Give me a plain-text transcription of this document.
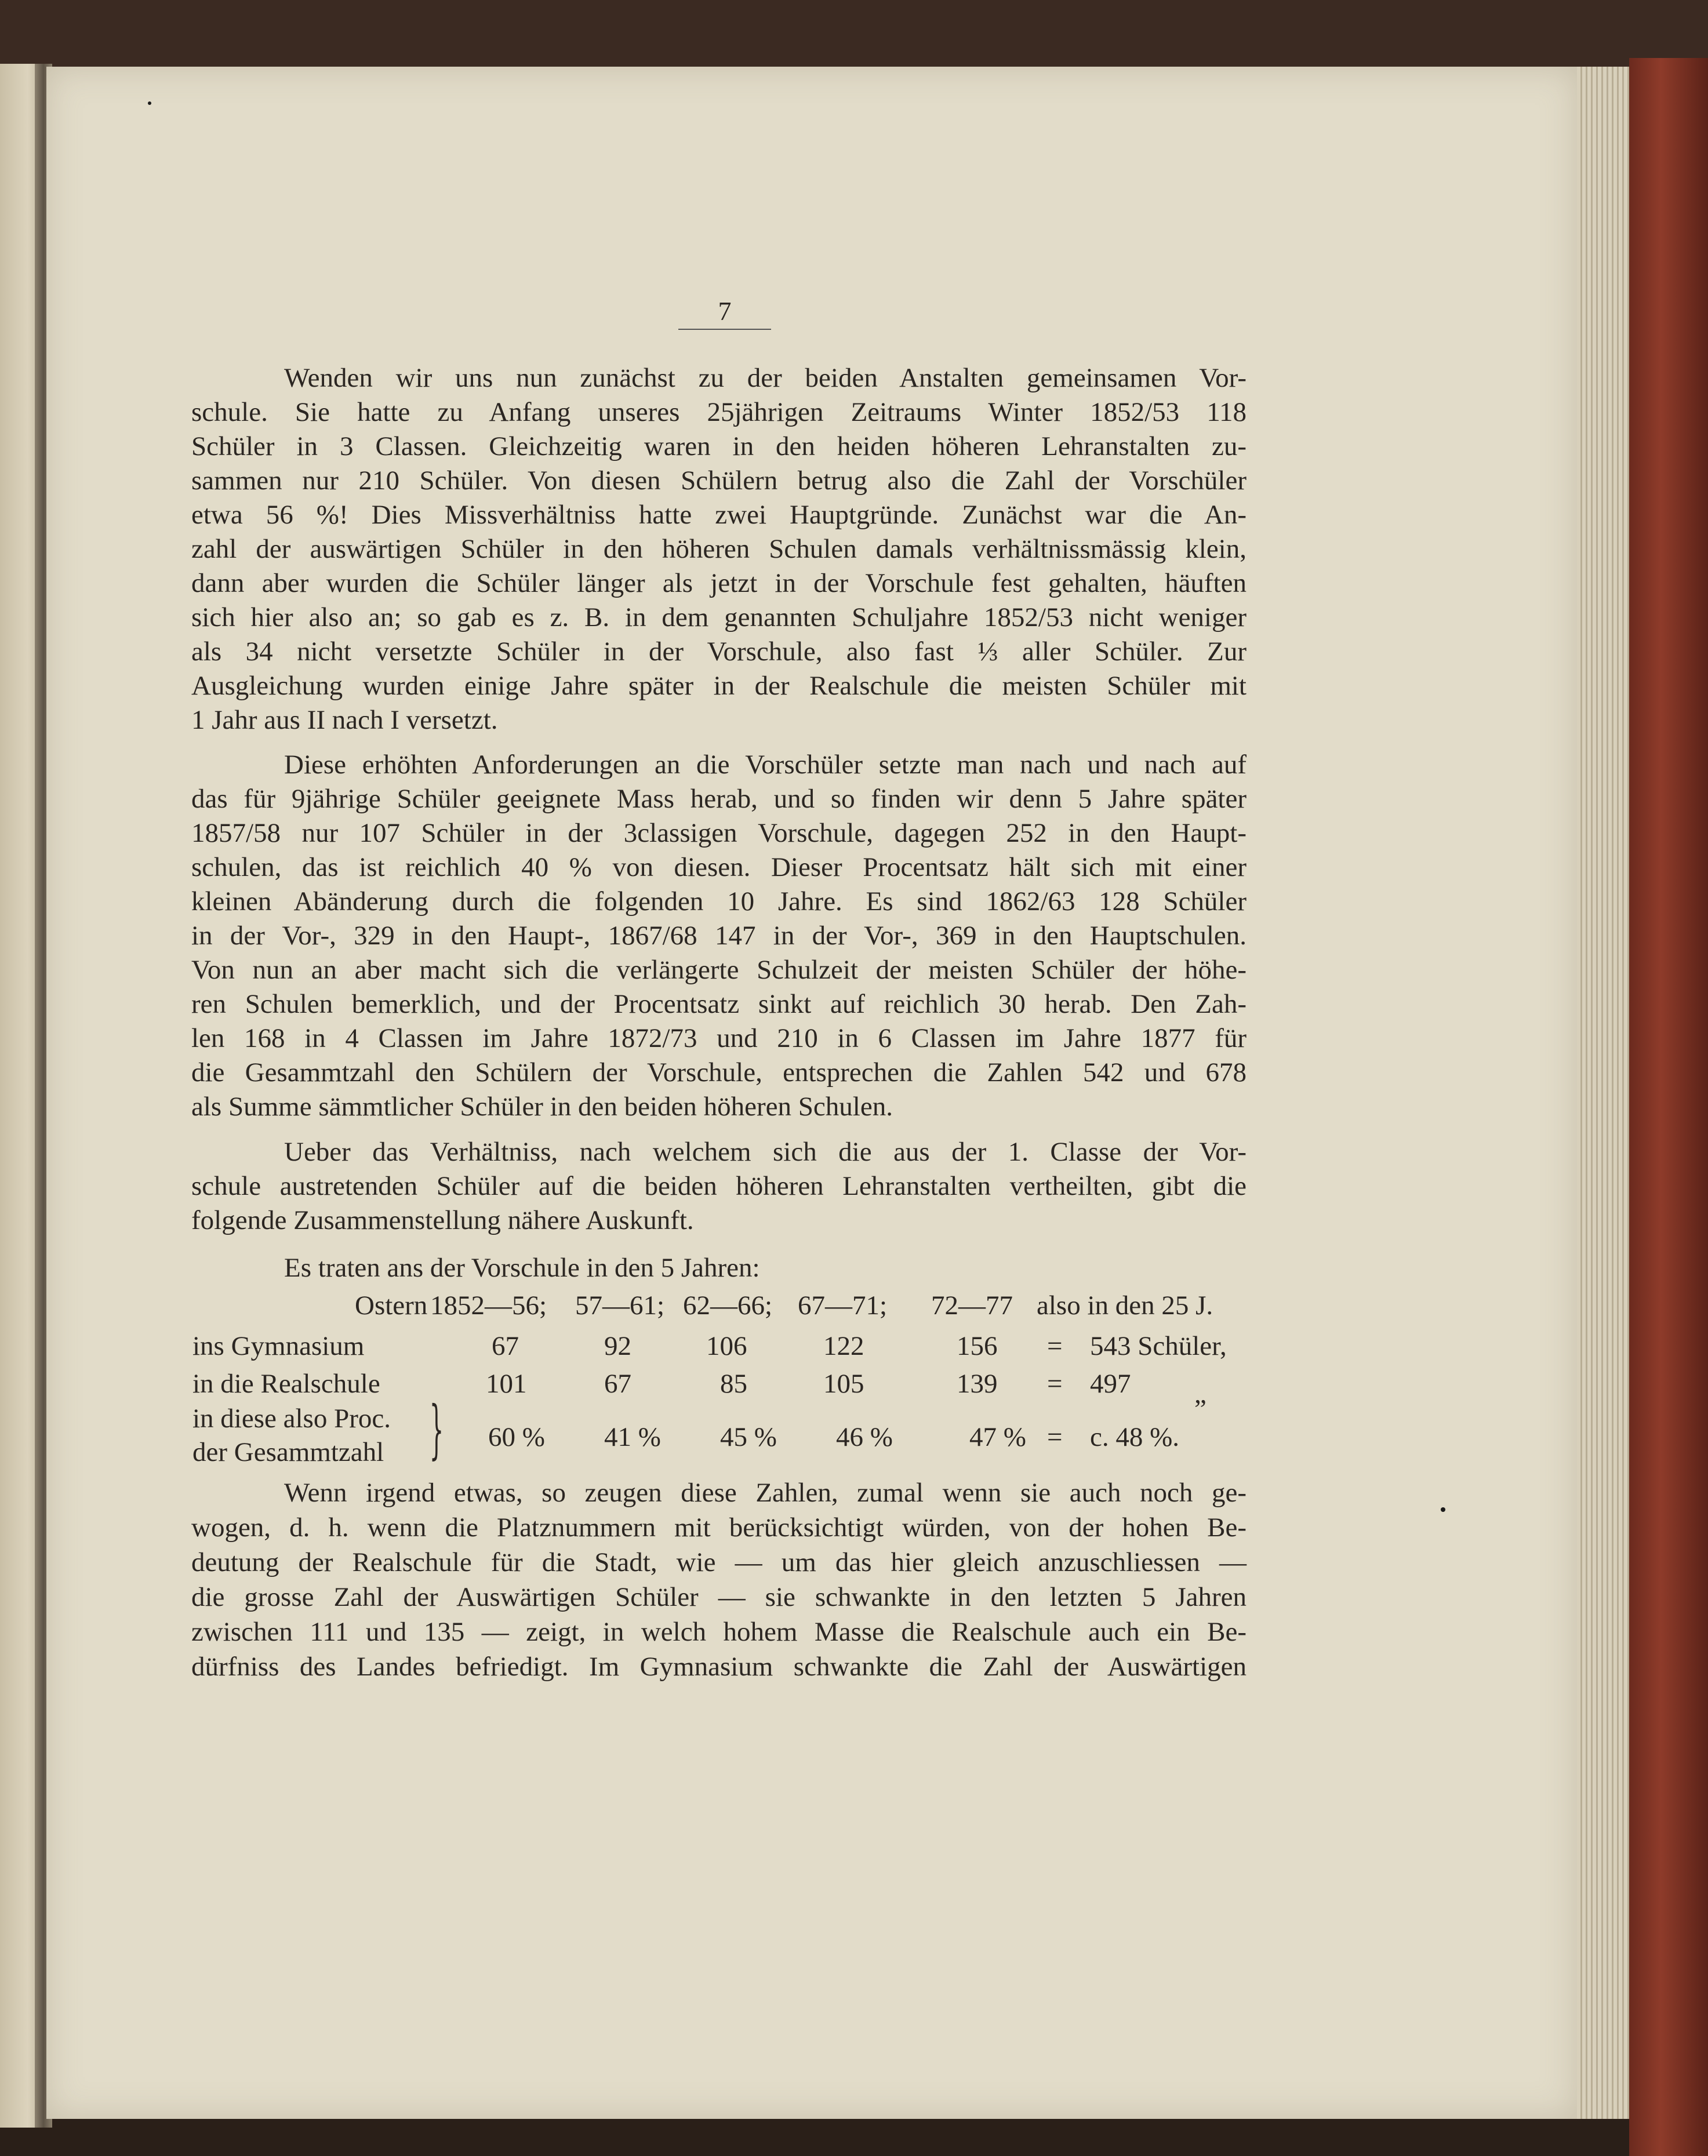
7
Wenden wir uns nun zunächst zu der beiden Anstalten gemeinsamen Vor-
schule. Sie hatte zu Anfang unseres 25jährigen Zeitraums Winter 1852/53 118
Schüler in 3 Classen. Gleichzeitig waren in den heiden höheren Lehranstalten zu-
sammen nur 210 Schüler. Von diesen Schülern betrug also die Zahl der Vorschüler
etwa 56 %! Dies Missverhältniss hatte zwei Hauptgründe. Zunächst war die An-
zahl der auswärtigen Schüler in den höheren Schulen damals verhältnissmässig klein,
dann aber wurden die Schüler länger als jetzt in der Vorschule fest gehalten, häuften
sich hier also an; so gab es z. B. in dem genannten Schuljahre 1852/53 nicht weniger
als 34 nicht versetzte Schüler in der Vorschule, also fast ⅓ aller Schüler. Zur
Ausgleichung wurden einige Jahre später in der Realschule die meisten Schüler mit
1 Jahr aus II nach I versetzt.
Diese erhöhten Anforderungen an die Vorschüler setzte man nach und nach auf
das für 9jährige Schüler geeignete Mass herab, und so finden wir denn 5 Jahre später
1857/58 nur 107 Schüler in der 3classigen Vorschule, dagegen 252 in den Haupt-
schulen, das ist reichlich 40 % von diesen. Dieser Procentsatz hält sich mit einer
kleinen Abänderung durch die folgenden 10 Jahre. Es sind 1862/63 128 Schüler
in der Vor-, 329 in den Haupt-, 1867/68 147 in der Vor-, 369 in den Hauptschulen.
Von nun an aber macht sich die verlängerte Schulzeit der meisten Schüler der höhe-
ren Schulen bemerklich, und der Procentsatz sinkt auf reichlich 30 herab. Den Zah-
len 168 in 4 Classen im Jahre 1872/73 und 210 in 6 Classen im Jahre 1877 für
die Gesammtzahl den Schülern der Vorschule, entsprechen die Zahlen 542 und 678
als Summe sämmtlicher Schüler in den beiden höheren Schulen.
Ueber das Verhältniss, nach welchem sich die aus der 1. Classe der Vor-
schule austretenden Schüler auf die beiden höheren Lehranstalten vertheilten, gibt die
folgende Zusammenstellung nähere Auskunft.
Es traten ans der Vorschule in den 5 Jahren:
Ostern 1852—56; 57—61; 62—66; 67—71; 72—77 also in den 25 J.
ins Gymnasium	67	92	106	122	156 = 543 Schüler,
in die Realschule	101	67	85	105	139 = 497 „
in diese also Proc.
der Gesammtzahl } 60 % 41 % 45 % 46 %	47 % = c. 48 %.
Wenn irgend etwas, so zeugen diese Zahlen, zumal wenn sie auch noch ge-
wogen, d. h. wenn die Platznummern mit berücksichtigt würden, von der hohen Be-
deutung der Realschule für die Stadt, wie — um das hier gleich anzuschliessen —
die grosse Zahl der Auswärtigen Schüler — sie schwankte in den letzten 5 Jahren
zwischen 111 und 135 — zeigt, in welch hohem Masse die Realschule auch ein Be-
dürfniss des Landes befriedigt. Im Gymnasium schwankte die Zahl der Auswärtigen
